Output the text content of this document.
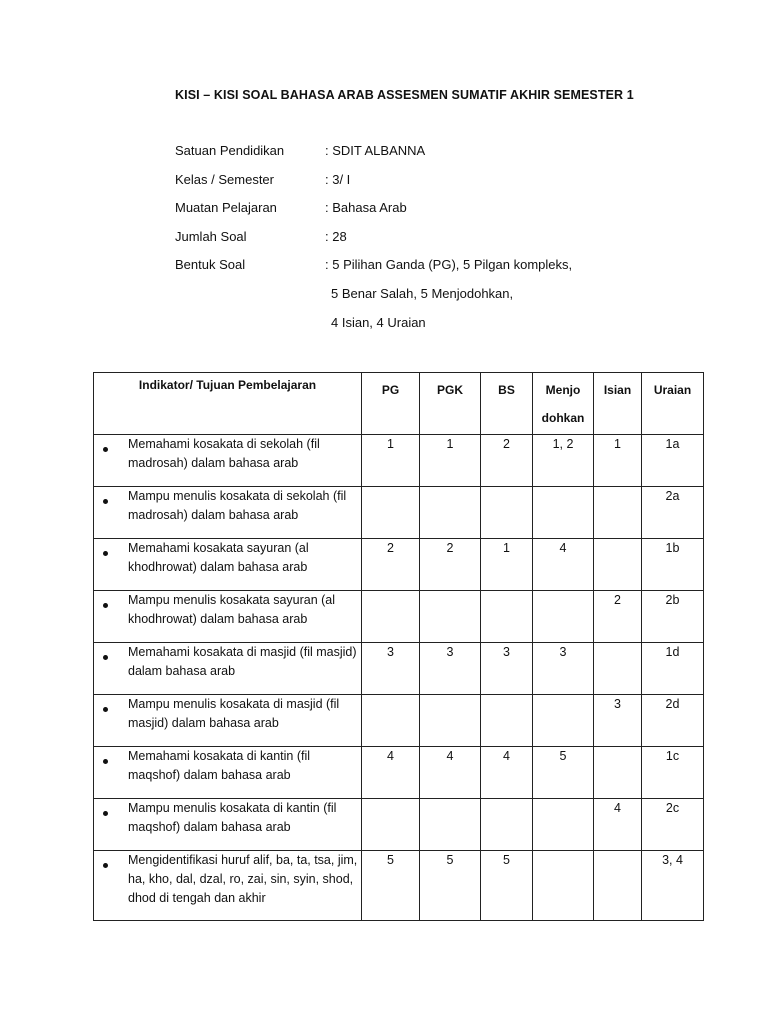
KISI – KISI SOAL BAHASA ARAB ASSESMEN SUMATIF AKHIR SEMESTER 1
Satuan Pendidikan	: SDIT ALBANNA
Kelas / Semester	: 3/ I
Muatan Pelajaran	: Bahasa Arab
Jumlah Soal	: 28
Bentuk Soal	: 5 Pilihan Ganda (PG), 5 Pilgan kompleks,
5 Benar Salah, 5 Menjodohkan,
4 Isian, 4 Uraian
Indikator/ Tujuan Pembelajaran	PG	PGK	BS	Menjo
dohkan	Isian	Uraian

Memahami kosakata di sekolah (fil madrosah) dalam bahasa arab	1	1	2	1, 2	1	1a

Mampu menulis kosakata di sekolah (fil madrosah) dalam bahasa arab						2a

Memahami kosakata sayuran (al khodhrowat) dalam bahasa arab	2	2	1	4		1b

Mampu menulis kosakata sayuran (al khodhrowat) dalam bahasa arab					2	2b

Memahami kosakata di masjid (fil masjid) dalam bahasa arab	3	3	3	3		1d

Mampu menulis kosakata di masjid (fil masjid) dalam bahasa arab					3	2d

Memahami kosakata di kantin (fil maqshof) dalam bahasa arab	4	4	4	5		1c

Mampu menulis kosakata di kantin (fil maqshof) dalam bahasa arab					4	2c

Mengidentifikasi huruf alif, ba, ta, tsa, jim, ha, kho, dal, dzal, ro, zai, sin, syin, shod, dhod di tengah dan akhir	5	5	5			3, 4
